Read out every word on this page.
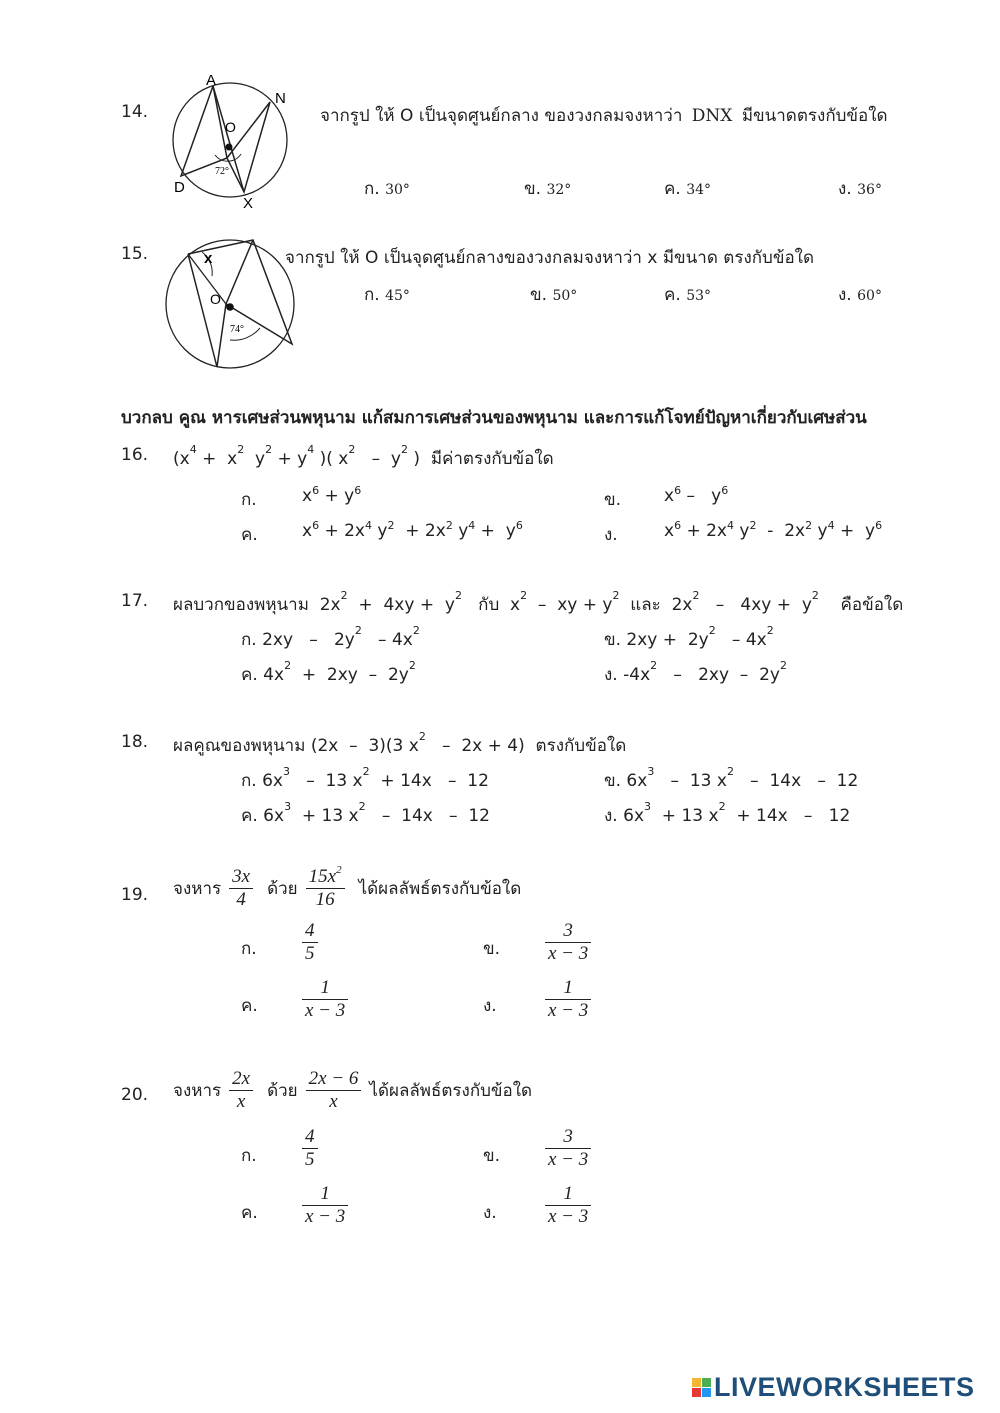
14.
A
N
O
D
X
72°
จากรูป ให้ O เป็นจุดศูนย์กลาง ของวงกลมจงหาว่า DNX มีขนาดตรงกับข้อใด
ก. 30°	ข. 32°	ค. 34°	ง. 36°
15.	x
O
74°
จากรูป ให้ O เป็นจุดศูนย์กลางของวงกลมจงหาว่า x มีขนาด ตรงกับข้อใด
ก. 45°	ข. 50°	ค. 53°	ง. 60°
บวกลบ คูณ หารเศษส่วนพหุนาม แก้สมการเศษส่วนของพหุนาม และการแก้โจทย์ปัญหาเกี่ยวกับเศษส่วน
16. ($x^4 + x^2$  $y^2 + y^4$ )( $x^2 - y^2$ )  มีค่าตรงกับข้อใด
ก.	$x^6 + y^6$	ข.	$x^6 - y^6$
ค.	$x^6 + 2x^4$ $y^2 + 2x^2$ $y^4 + y^6$	ง.	$x^6 + 2x^4$ $y^2 - 2x^2$ $y^4 + y^6$
17. ผลบวกของพหุนาม  $2x^2 + 4xy + y^2$ กับ  $x^2$  –  xy + $y^2$ และ  $2x^2 - 4xy + y^2$ คือข้อใด
ก. $2xy - 2y^2 - 4x^2$	ข. $2xy + 2y^2 - 4x^2$
ค. $4x^2 + 2xy - 2y^2$	ง. $-4x^2 - 2xy - 2y^2$
18. ผลคูณของพหุนาม (2x  –  3)(3 $x^2 - 2x + 4$)  ตรงกับข้อใด
ก. $6x^3 - 13$ $x^2 + 14x - 12$	ข. $6x^3 - 13$ $x^2 - 14x - 12$
ค. $6x^3 + 13$ $x^2 - 14x - 12$	ง. $6x^3 + 13$ $x^2 + 14x - 12$
19. จงหาร $\frac{3x}{4}$ ด้วย $\frac{15x^2}{16}$ ได้ผลลัพธ์ตรงกับข้อใด
ก. $\frac{4}{5}$	ข. $\frac{3}{x - 3}$
ค. $\frac{1}{x - 3}$	ง.	$\frac{1}{x - 3}$
20. จงหาร $\frac{2x}{x}$ ด้วย $\frac{2x - 6}{x}$ ได้ผลลัพธ์ตรงกับข้อใด
ก. $\frac{4}{5}$	ข. $\frac{3}{x - 3}$
ค. $\frac{1}{x - 3}$	ง.	$\frac{1}{x - 3}$
LIVEWORKSHEETS
